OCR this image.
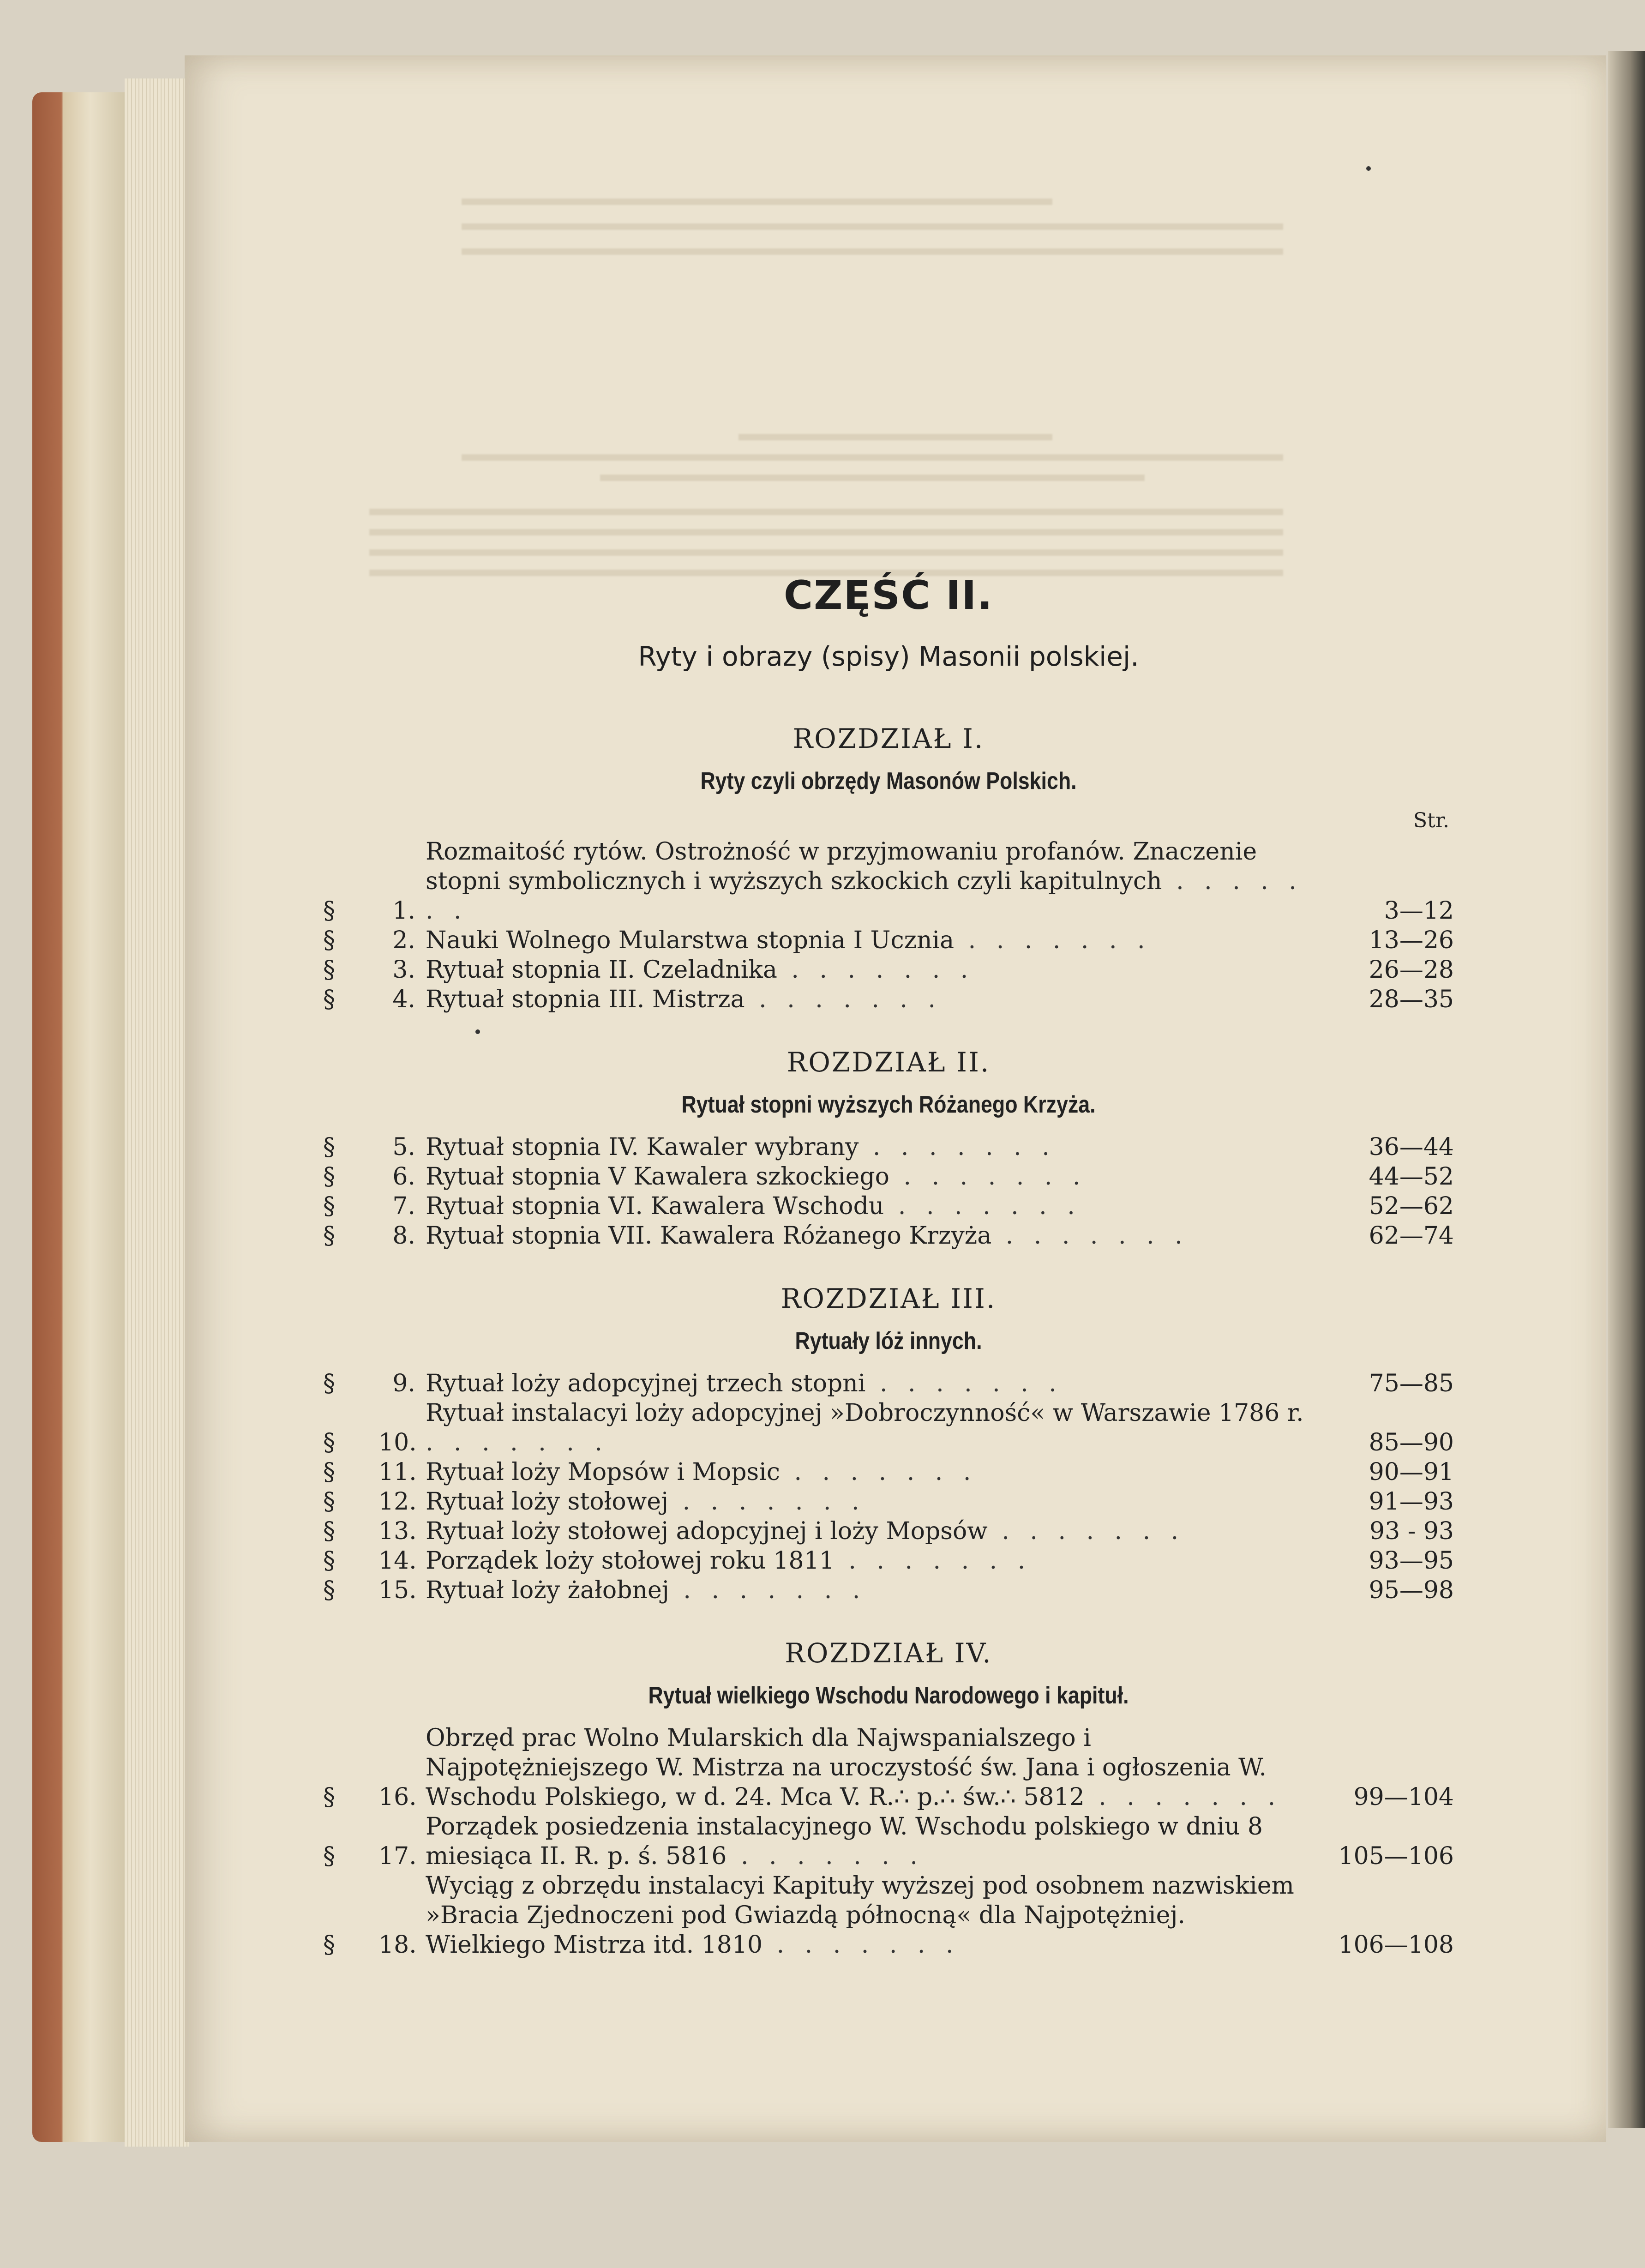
CZĘŚĆ II.
Ryty i obrazy (spisy) Masonii polskiej.
ROZDZIAŁ I.
Ryty czyli obrzędy Masonów Polskich.
Str.
§	1.
Rozmaitość rytów. Ostrożność w przyjmowaniu profanów. Znaczenie stopni symbolicznych i wyższych szkockich czyli kapitulnych . . . . . . .	3—12
§	2. Nauki Wolnego Mularstwa stopnia I Ucznia . . . . . . .	13—26
§	3. Rytuał stopnia II. Czeladnika . . . . . . .	26—28
§	4. Rytuał stopnia III. Mistrza . . . . . . .	28—35
ROZDZIAŁ II.
Rytuał stopni wyższych Różanego Krzyża.
§	5. Rytuał stopnia IV. Kawaler wybrany . . . . . . .	36—44
§	6. Rytuał stopnia V Kawalera szkockiego . . . . . . .	44—52
§	7. Rytuał stopnia VI. Kawalera Wschodu . . . . . . .	52—62
§	8. Rytuał stopnia VII. Kawalera Różanego Krzyża . . . . . . .	62—74
ROZDZIAŁ III.
Rytuały lóż innych.
§	9. Rytuał loży adopcyjnej trzech stopni . . . . . . .	75—85
§	10.
Rytuał instalacyi loży adopcyjnej »Dobroczynność« w Warszawie 1786 r. . . . . . . .	85—90
§	11. Rytuał loży Mopsów i Mopsic . . . . . . .	90—91
§	12. Rytuał loży stołowej . . . . . . .	91—93
§	13. Rytuał loży stołowej adopcyjnej i loży Mopsów . . . . . . .	93 - 93
§	14. Porządek loży stołowej roku 1811 . . . . . . .	93—95
§	15. Rytuał loży żałobnej . . . . . . .	95—98
ROZDZIAŁ IV.
Rytuał wielkiego Wschodu Narodowego i kapituł.
§	16.
Obrzęd prac Wolno Mularskich dla Najwspanialszego i Najpotężniejszego W. Mistrza na uroczystość św. Jana i ogłoszenia W. Wschodu Polskiego, w d. 24. Mca V. R.∴ p.∴ św.∴ 5812 . . . . . . .	99—104
§	17.
Porządek posiedzenia instalacyjnego W. Wschodu polskiego w dniu 8 miesiąca II. R. p. ś. 5816 . . . . . . .	105—106
§	18.
Wyciąg z obrzędu instalacyi Kapituły wyższej pod osobnem nazwiskiem »Bracia Zjednoczeni pod Gwiazdą północną« dla Najpotężniej. Wielkiego Mistrza itd. 1810 . . . . . . .	106—108
